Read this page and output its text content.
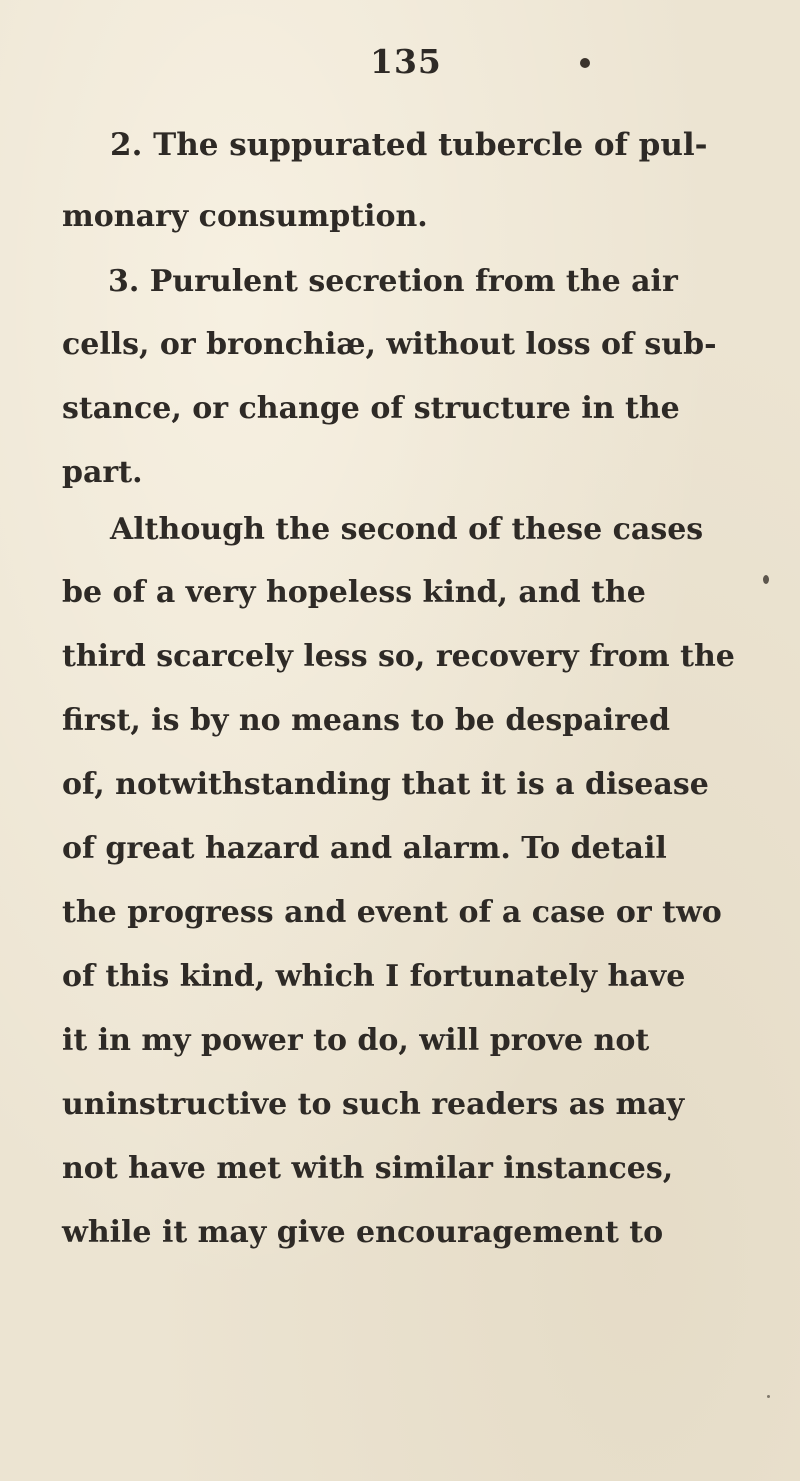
135
2. The suppurated tubercle of pul-
monary consumption.
3. Purulent secretion from the air
cells, or bronchiæ, without loss of sub-
stance, or change of structure in the
part.
Although the second of these cases
be of a very hopeless kind, and the
third scarcely less so, recovery from the
first, is by no means to be despaired
of, notwithstanding that it is a disease
of great hazard and alarm. To detail
the progress and event of a case or two
of this kind, which I fortunately have
it in my power to do, will prove not
uninstructive to such readers as may
not have met with similar instances,
while it may give encouragement to
